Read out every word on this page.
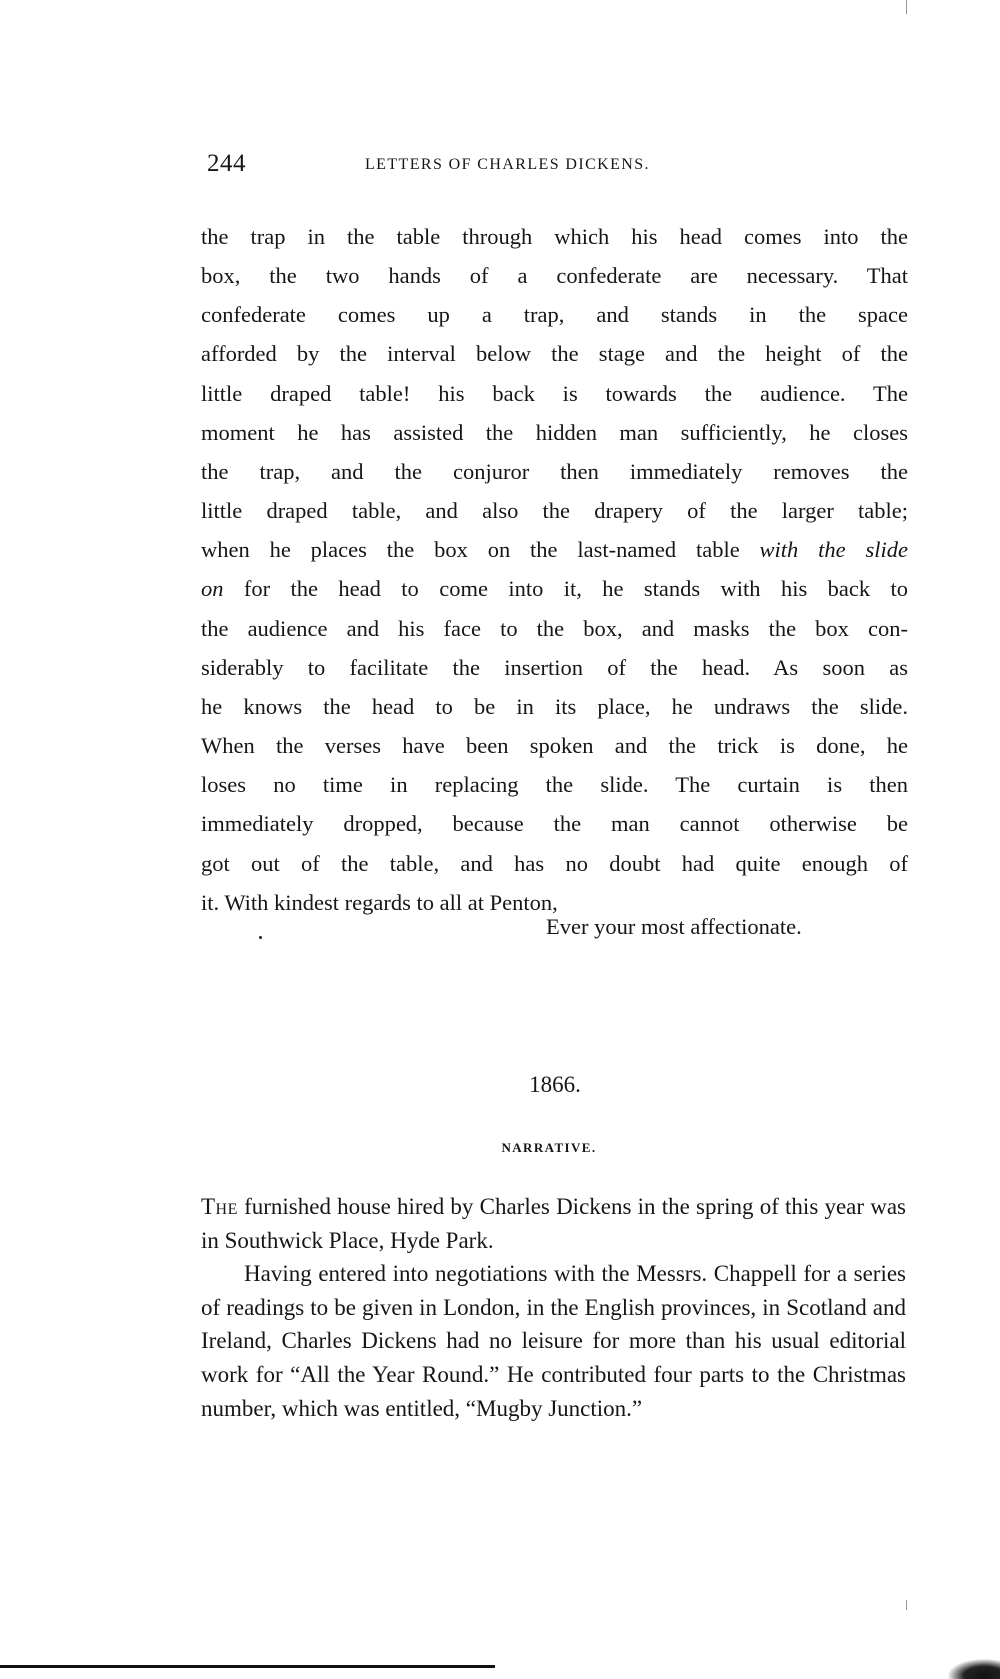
244	LETTERS OF CHARLES DICKENS.
the trap in the table through which his head comes into the
box, the two hands of a confederate are necessary. That
confederate comes up a trap, and stands in the space
afforded by the interval below the stage and the height of the
little draped table! his back is towards the audience. The
moment he has assisted the hidden man sufficiently, he closes
the trap, and the conjuror then immediately removes the
little draped table, and also the drapery of the larger table;
when he places the box on the last-named table with the slide
on for the head to come into it, he stands with his back to
the audience and his face to the box, and masks the box con-
siderably to facilitate the insertion of the head. As soon as
he knows the head to be in its place, he undraws the slide.
When the verses have been spoken and the trick is done, he
loses no time in replacing the slide. The curtain is then
immediately dropped, because the man cannot otherwise be
got out of the table, and has no doubt had quite enough of
it. With kindest regards to all at Penton,
Ever your most affectionate.
1866.
NARRATIVE.

The furnished house hired by Charles Dickens in the spring of this year was in Southwick Place, Hyde Park.

Having entered into negotiations with the Messrs. Chappell for a series of readings to be given in London, in the English provinces, in Scotland and Ireland, Charles Dickens had no leisure for more than his usual editorial work for “All the Year Round.” He contributed four parts to the Christmas number, which was entitled, “Mugby Junction.”
